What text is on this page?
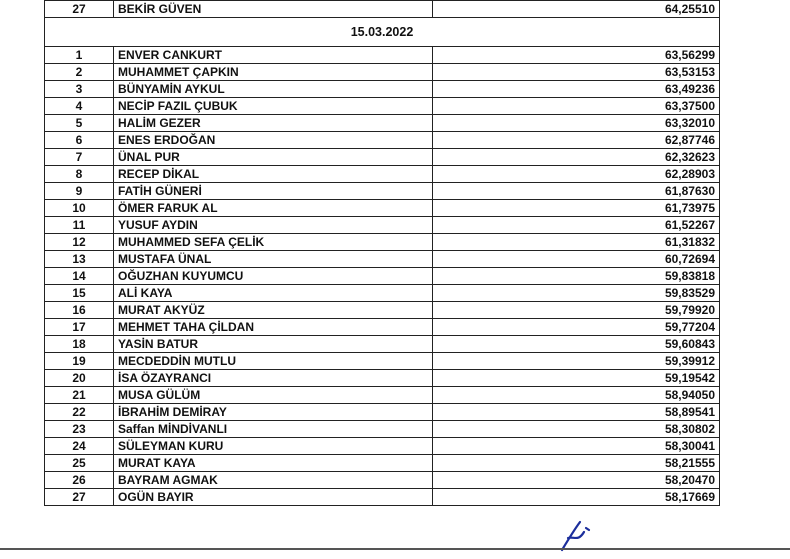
27	BEKİR GÜVEN	64,25510
15.03.2022		
1	ENVER CANKURT	63,56299
2	MUHAMMET ÇAPKIN	63,53153
3	BÜNYAMİN AYKUL	63,49236
4	NECİP FAZIL ÇUBUK	63,37500
5	HALİM GEZER	63,32010
6	ENES ERDOĞAN	62,87746
7	ÜNAL PUR	62,32623
8	RECEP DİKAL	62,28903
9	FATİH GÜNERİ	61,87630
10	ÖMER FARUK AL	61,73975
11	YUSUF AYDIN	61,52267
12	MUHAMMED SEFA ÇELİK	61,31832
13	MUSTAFA ÜNAL	60,72694
14	OĞUZHAN KUYUMCU	59,83818
15	ALİ KAYA	59,83529
16	MURAT AKYÜZ	59,79920
17	MEHMET TAHA ÇİLDAN	59,77204
18	YASİN BATUR	59,60843
19	MECDEDDİN MUTLU	59,39912
20	İSA ÖZAYRANCI	59,19542
21	MUSA GÜLÜM	58,94050
22	İBRAHİM DEMİRAY	58,89541
23	Saffan MİNDİVANLI	58,30802
24	SÜLEYMAN KURU	58,30041
25	MURAT KAYA	58,21555
26	BAYRAM AGMAK	58,20470
27	OGÜN BAYIR	58,17669
